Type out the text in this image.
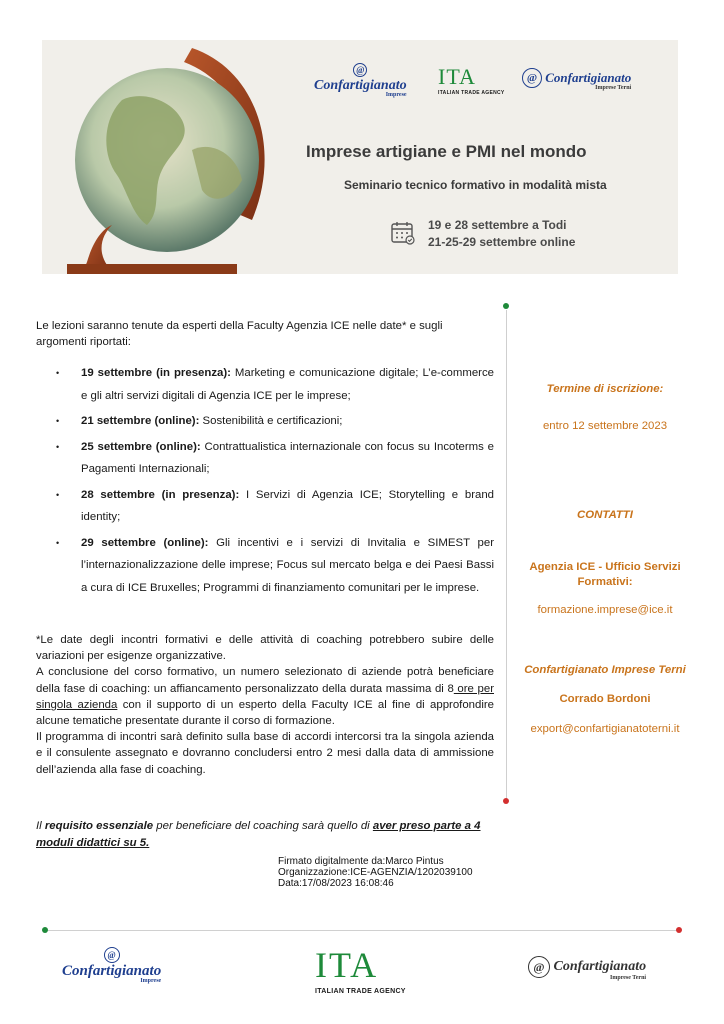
@
Confartigianato
Imprese
ITA
ITALIAN TRADE AGENCY
@ Confartigianato
Imprese Terni
Imprese artigiane e PMI nel mondo
Seminario tecnico formativo in modalità mista
19 e 28 settembre a Todi
21-25-29 settembre online

Le lezioni saranno tenute da esperti della Faculty Agenzia ICE nelle date* e sugli argomenti riportati:

• 19 settembre (in presenza): Marketing e comunicazione digitale; L’e-commerce e gli altri servizi digitali di Agenzia ICE per le imprese;
• 21 settembre (online): Sostenibilità e certificazioni;
• 25 settembre (online): Contrattualistica internazionale con focus su Incoterms e Pagamenti Internazionali;
• 28 settembre (in presenza): I Servizi di Agenzia ICE; Storytelling e brand identity;
• 29 settembre (online): Gli incentivi e i servizi di Invitalia e SIMEST per l’internazionalizzazione delle imprese; Focus sul mercato belga e dei Paesi Bassi a cura di ICE Bruxelles; Programmi di finanziamento comunitari per le imprese.

*Le date degli incontri formativi e delle attività di coaching potrebbero subire delle variazioni per esigenze organizzative.

A conclusione del corso formativo, un numero selezionato di aziende potrà beneficiare della fase di coaching: un affiancamento personalizzato della durata massima di 8 ore per singola azienda con il supporto di un esperto della Faculty ICE al fine di approfondire alcune tematiche presentate durante il corso di formazione.

Il programma di incontri sarà definito sulla base di accordi intercorsi tra la singola azienda e il consulente assegnato e dovranno concludersi entro 2 mesi dalla data di ammissione dell’azienda alla fase di coaching.

Il requisito essenziale per beneficiare del coaching sarà quello di aver preso parte a 4 moduli didattici su 5.
Firmato digitalmente da:Marco Pintus
Organizzazione:ICE-AGENZIA/1202039100
Data:17/08/2023 16:08:46
Termine di iscrizione:
entro 12 settembre 2023
CONTATTI
Agenzia ICE - Ufficio Servizi Formativi:
formazione.imprese@ice.it
Confartigianato Imprese Terni
Corrado Bordoni
export@confartigianatoterni.it
@
Confartigianato
Imprese	ITA
ITALIAN TRADE AGENCY
@ Confartigianato
Imprese Terni
